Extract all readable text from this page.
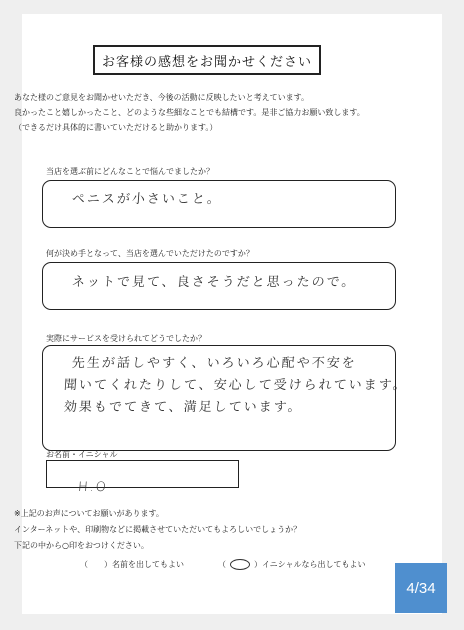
お客様の感想をお聞かせください
あなた様のご意見をお聞かせいただき、今後の活動に反映したいと考えています。
良かったこと嬉しかったこと、どのような些細なことでも結構です。是非ご協力お願い致します。
（できるだけ具体的に書いていただけると助かります。）
当店を選ぶ前にどんなことで悩んでましたか？
ペニスが小さいこと。
何が決め手となって、当店を選んでいただけたのですか？
ネットで見て、良さそうだと思ったので。
実際にサービスを受けられてどうでしたか？
先生が話しやすく、いろいろ心配や不安を
聞いてくれたりして、安心して受けられています。
効果もでてきて、満足しています。
お名前・イニシャル
H.O
※上記のお声についてお願いがあります。
インターネットや、印刷物などに掲載させていただいてもよろしいでしょうか？
下記の中から○印をおつけください。
（　　）名前を出してもよい	（ ○ ）イニシャルなら出してもよい
4/34
